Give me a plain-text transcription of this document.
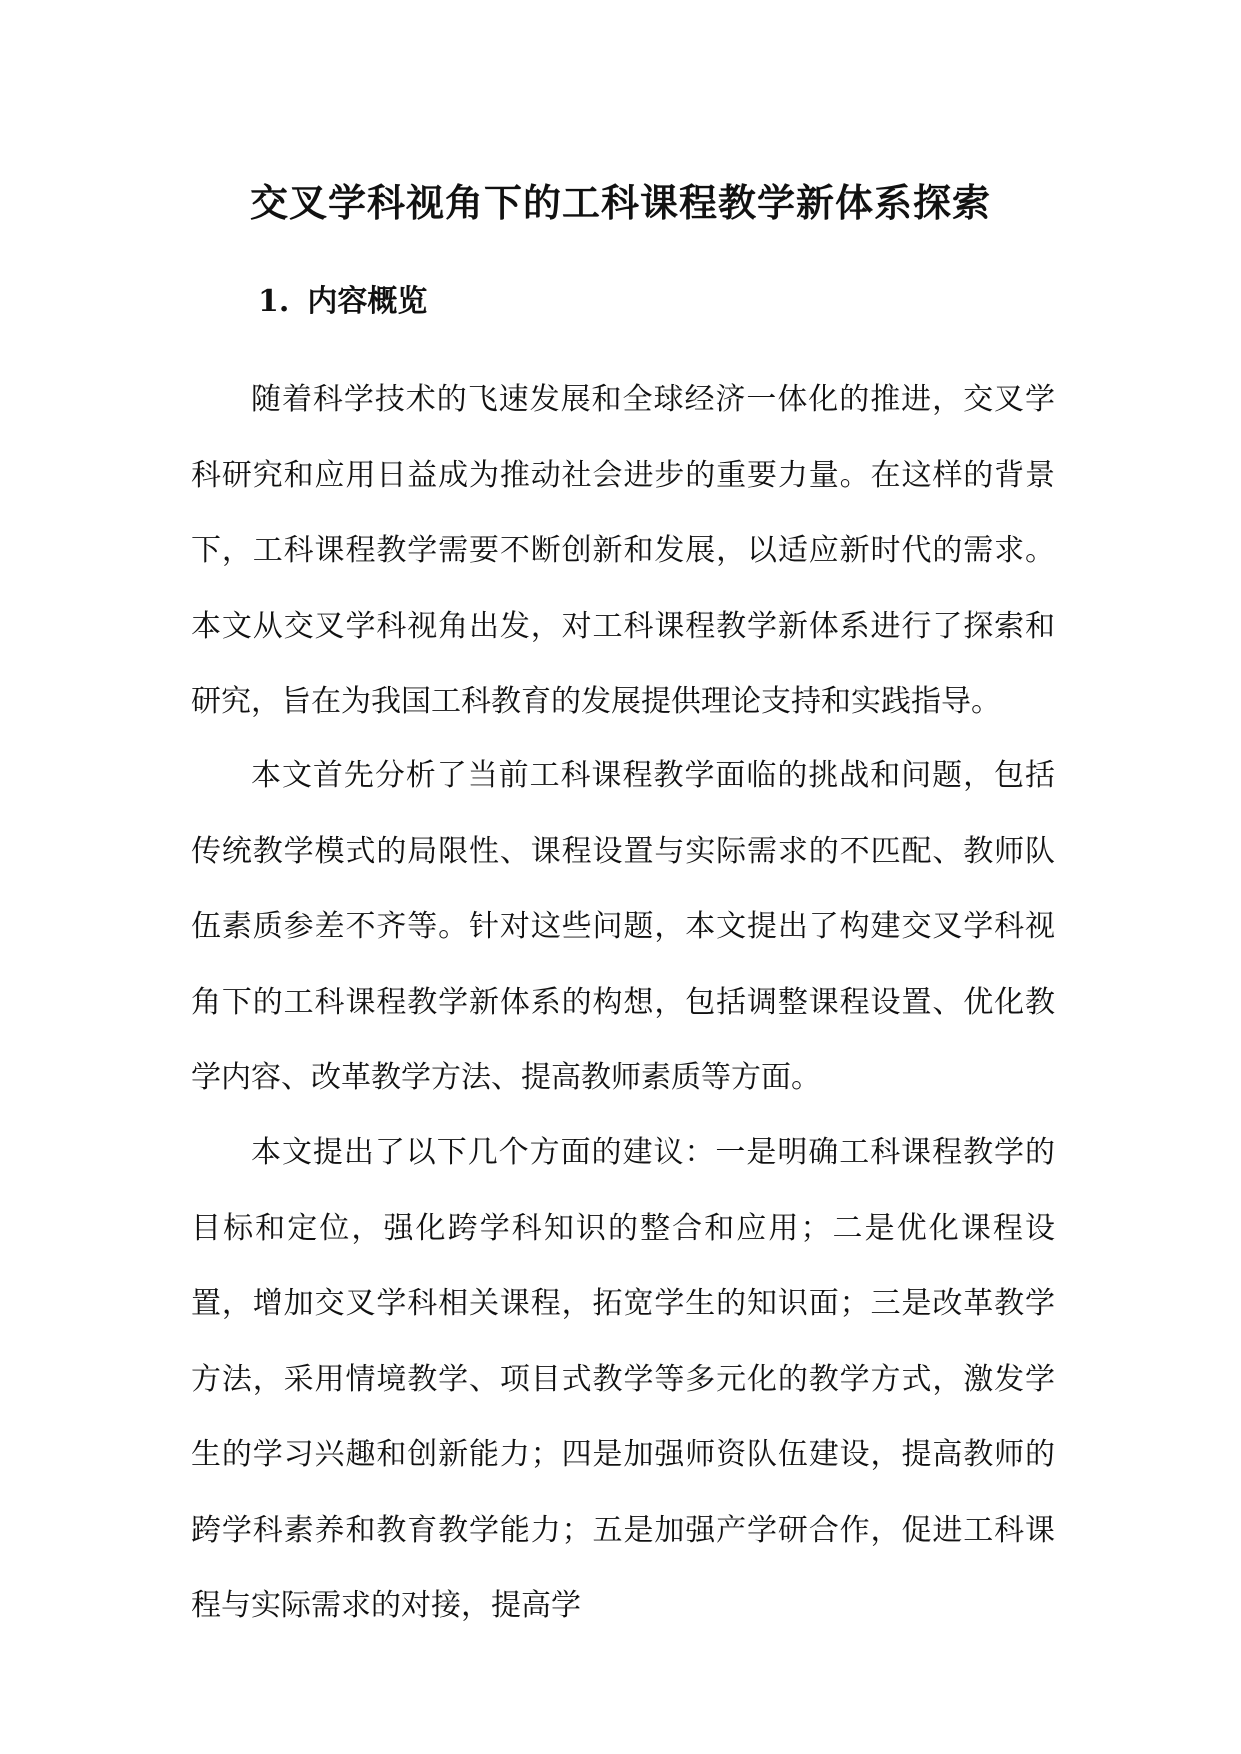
交叉学科视角下的工科课程教学新体系探索
1. 内容概览

随着科学技术的飞速发展和全球经济一体化的推进，交叉学科研究和应用日益成为推动社会进步的重要力量。在这样的背景下，工科课程教学需要不断创新和发展，以适应新时代的需求。本文从交叉学科视角出发，对工科课程教学新体系进行了探索和研究，旨在为我国工科教育的发展提供理论支持和实践指导。

本文首先分析了当前工科课程教学面临的挑战和问题，包括传统教学模式的局限性、课程设置与实际需求的不匹配、教师队伍素质参差不齐等。针对这些问题，本文提出了构建交叉学科视角下的工科课程教学新体系的构想，包括调整课程设置、优化教学内容、改革教学方法、提高教师素质等方面。

本文提出了以下几个方面的建议：一是明确工科课程教学的目标和定位，强化跨学科知识的整合和应用；二是优化课程设置，增加交叉学科相关课程，拓宽学生的知识面；三是改革教学方法，采用情境教学、项目式教学等多元化的教学方式，激发学生的学习兴趣和创新能力；四是加强师资队伍建设，提高教师的跨学科素养和教育教学能力；五是加强产学研合作，促进工科课程与实际需求的对接，提高学
